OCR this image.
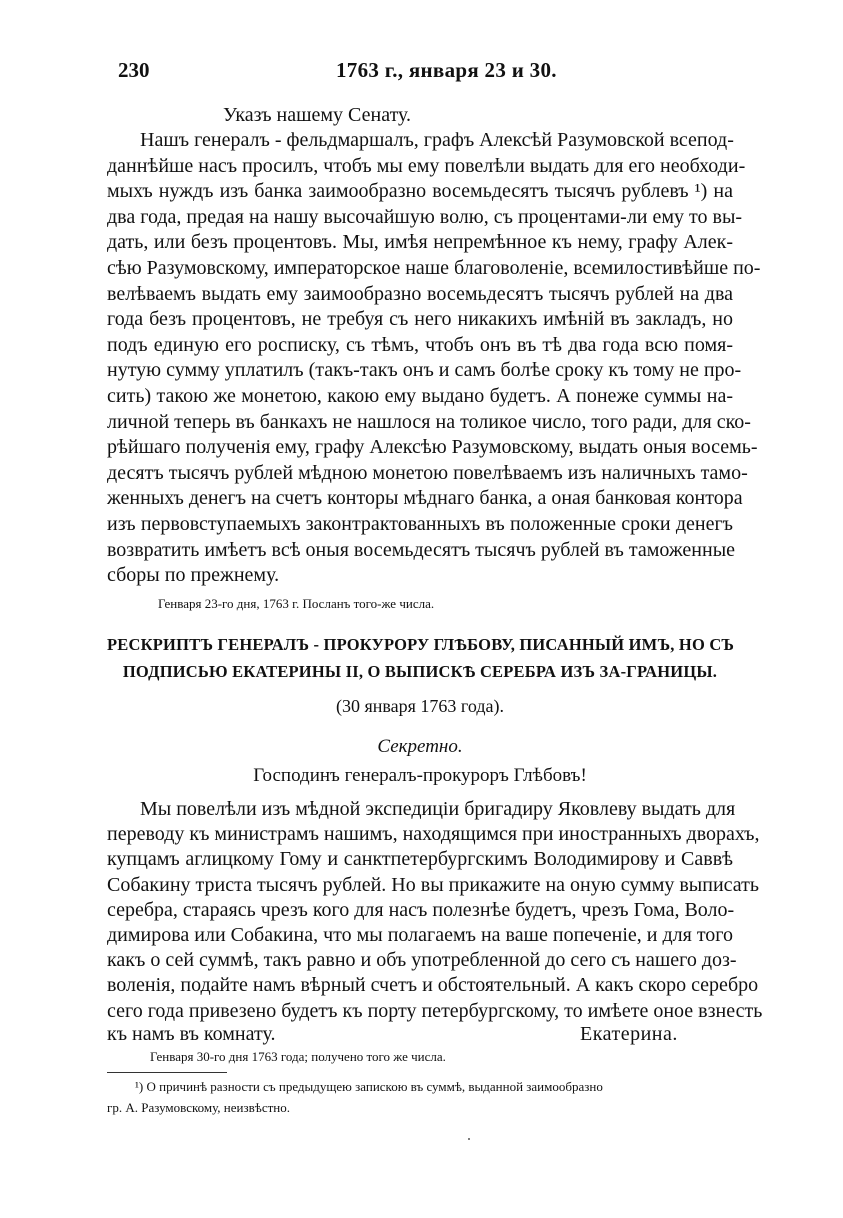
230	1763 г., января 23 и 30.
Указъ нашему Сенату.
Нашъ генералъ - фельдмаршалъ, графъ Алексѣй Разумовской всепод-
даннѣйше насъ просилъ, чтобъ мы ему повелѣли выдать для его необходи-
мыхъ нуждъ изъ банка заимообразно восемьдесятъ тысячъ рублевъ ¹) на
два года, предая на нашу высочайшую волю, съ процентами-ли ему то вы-
дать, или безъ процентовъ. Мы, имѣя непремѣнное къ нему, графу Алек-
сѣю Разумовскому, императорское наше благоволеніе, всемилостивѣйше по-
велѣваемъ выдать ему заимообразно восемьдесятъ тысячъ рублей на два
года безъ процентовъ, не требуя съ него никакихъ имѣній въ закладъ, но
подъ единую его росписку, съ тѣмъ, чтобъ онъ въ тѣ два года всю помя-
нутую сумму уплатилъ (такъ-такъ онъ и самъ болѣе сроку къ тому не про-
сить) такою же монетою, какою ему выдано будетъ. А понеже суммы на-
личной теперь въ банкахъ не нашлося на толикое число, того ради, для ско-
рѣйшаго полученія ему, графу Алексѣю Разумовскому, выдать оныя восемь-
десятъ тысячъ рублей мѣдною монетою повелѣваемъ изъ наличныхъ тамо-
женныхъ денегъ на счетъ конторы мѣднаго банка, а оная банковая контора
изъ первовступаемыхъ законтрактованныхъ въ положенные сроки денегъ
возвратить имѣетъ всѣ оныя восемьдесятъ тысячъ рублей въ таможенные
сборы по прежнему.
Генваря 23-го дня, 1763 г. Посланъ того-же числа.
РЕСКРИПТЪ ГЕНЕРАЛЪ - ПРОКУРОРУ ГЛѢБОВУ, ПИСАННЫЙ ИМЪ, НО СЪ
ПОДПИСЬЮ ЕКАТЕРИНЫ II, О ВЫПИСКѢ СЕРЕБРА ИЗЪ ЗА-ГРАНИЦЫ.
(30 января 1763 года).
Секретно.
Господинъ генералъ-прокуроръ Глѣбовъ!
Мы повелѣли изъ мѣдной экспедиціи бригадиру Яковлеву выдать для
переводу къ министрамъ нашимъ, находящимся при иностранныхъ дворахъ,
купцамъ аглицкому Гому и санктпетербургскимъ Володимирову и Саввѣ
Собакину триста тысячъ рублей. Но вы прикажите на оную сумму выписать
серебра, стараясь чрезъ кого для насъ полезнѣе будетъ, чрезъ Гома, Воло-
димирова или Собакина, что мы полагаемъ на ваше попеченіе, и для того
какъ о сей суммѣ, такъ равно и объ употребленной до сего съ нашего доз-
воленія, подайте намъ вѣрный счетъ и обстоятельный. А какъ скоро серебро
сего года привезено будетъ къ порту петербургскому, то имѣете оное взнесть
къ намъ въ комнату.	Екатерина.
Генваря 30-го дня 1763 года; получено того же числа.
¹) О причинѣ разности съ предыдущею запискою въ суммѣ, выданной заимообразно
гр. А. Разумовскому, неизвѣстно.
